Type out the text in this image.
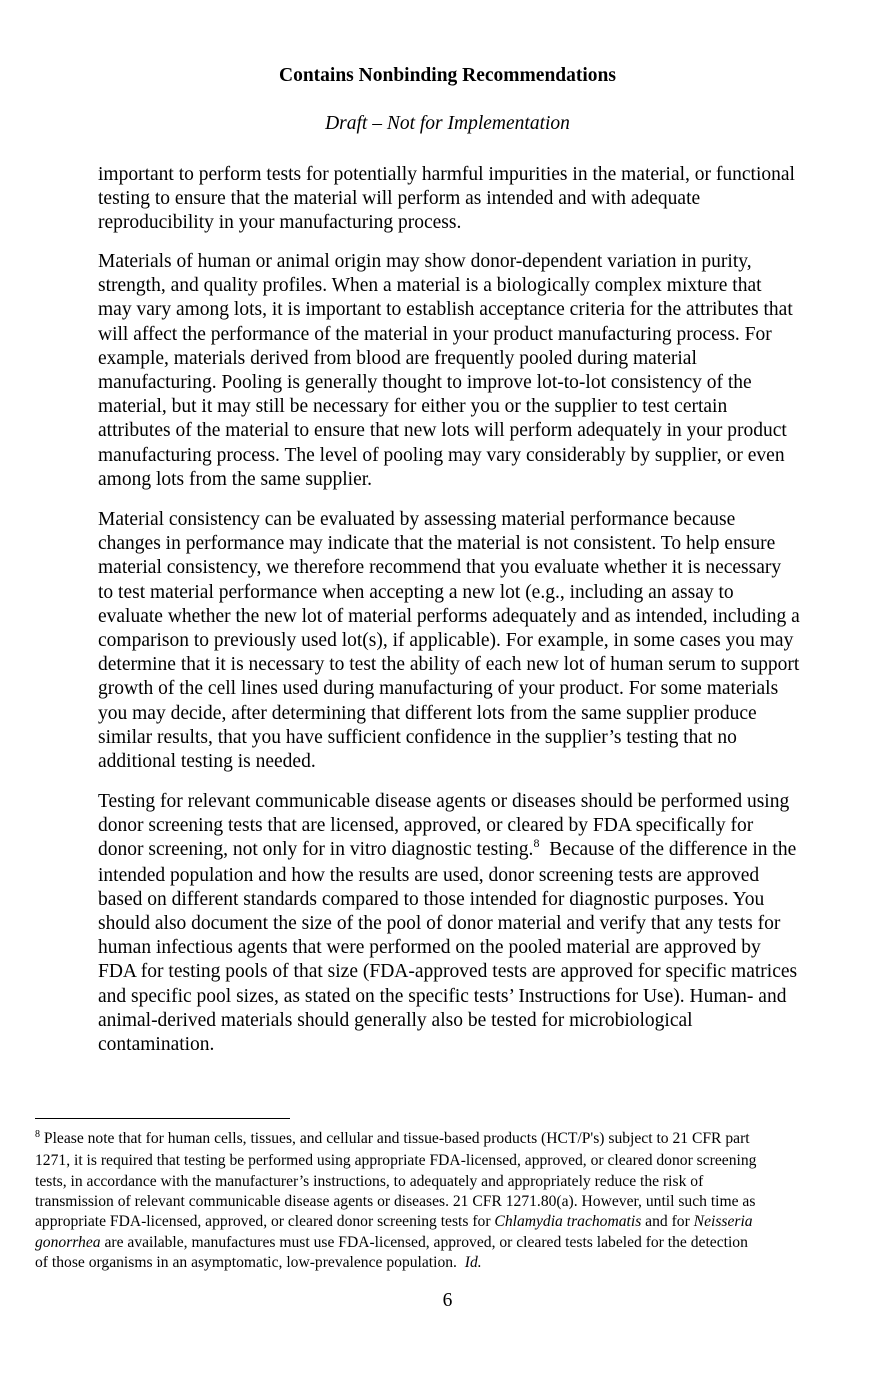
Contains Nonbinding Recommendations
Draft – Not for Implementation
important to perform tests for potentially harmful impurities in the material, or functional
testing to ensure that the material will perform as intended and with adequate
reproducibility in your manufacturing process.
Materials of human or animal origin may show donor-dependent variation in purity,
strength, and quality profiles. When a material is a biologically complex mixture that
may vary among lots, it is important to establish acceptance criteria for the attributes that
will affect the performance of the material in your product manufacturing process. For
example, materials derived from blood are frequently pooled during material
manufacturing. Pooling is generally thought to improve lot-to-lot consistency of the
material, but it may still be necessary for either you or the supplier to test certain
attributes of the material to ensure that new lots will perform adequately in your product
manufacturing process. The level of pooling may vary considerably by supplier, or even
among lots from the same supplier.
Material consistency can be evaluated by assessing material performance because
changes in performance may indicate that the material is not consistent. To help ensure
material consistency, we therefore recommend that you evaluate whether it is necessary
to test material performance when accepting a new lot (e.g., including an assay to
evaluate whether the new lot of material performs adequately and as intended, including a
comparison to previously used lot(s), if applicable). For example, in some cases you may
determine that it is necessary to test the ability of each new lot of human serum to support
growth of the cell lines used during manufacturing of your product. For some materials
you may decide, after determining that different lots from the same supplier produce
similar results, that you have sufficient confidence in the supplier’s testing that no
additional testing is needed.
Testing for relevant communicable disease agents or diseases should be performed using
donor screening tests that are licensed, approved, or cleared by FDA specifically for
donor screening, not only for in vitro diagnostic testing.$^8$  Because of the difference in the
intended population and how the results are used, donor screening tests are approved
based on different standards compared to those intended for diagnostic purposes. You
should also document the size of the pool of donor material and verify that any tests for
human infectious agents that were performed on the pooled material are approved by
FDA for testing pools of that size (FDA-approved tests are approved for specific matrices
and specific pool sizes, as stated on the specific tests’ Instructions for Use). Human- and
animal-derived materials should generally also be tested for microbiological
contamination.
$^8$ Please note that for human cells, tissues, and cellular and tissue-based products (HCT/P's) subject to 21 CFR part
1271, it is required that testing be performed using appropriate FDA-licensed, approved, or cleared donor screening
tests, in accordance with the manufacturer’s instructions, to adequately and appropriately reduce the risk of
transmission of relevant communicable disease agents or diseases. 21 CFR 1271.80(a). However, until such time as
appropriate FDA-licensed, approved, or cleared donor screening tests for Chlamydia trachomatis and for Neisseria
gonorrhea are available, manufactures must use FDA-licensed, approved, or cleared tests labeled for the detection
of those organisms in an asymptomatic, low-prevalence population.  Id.
6
